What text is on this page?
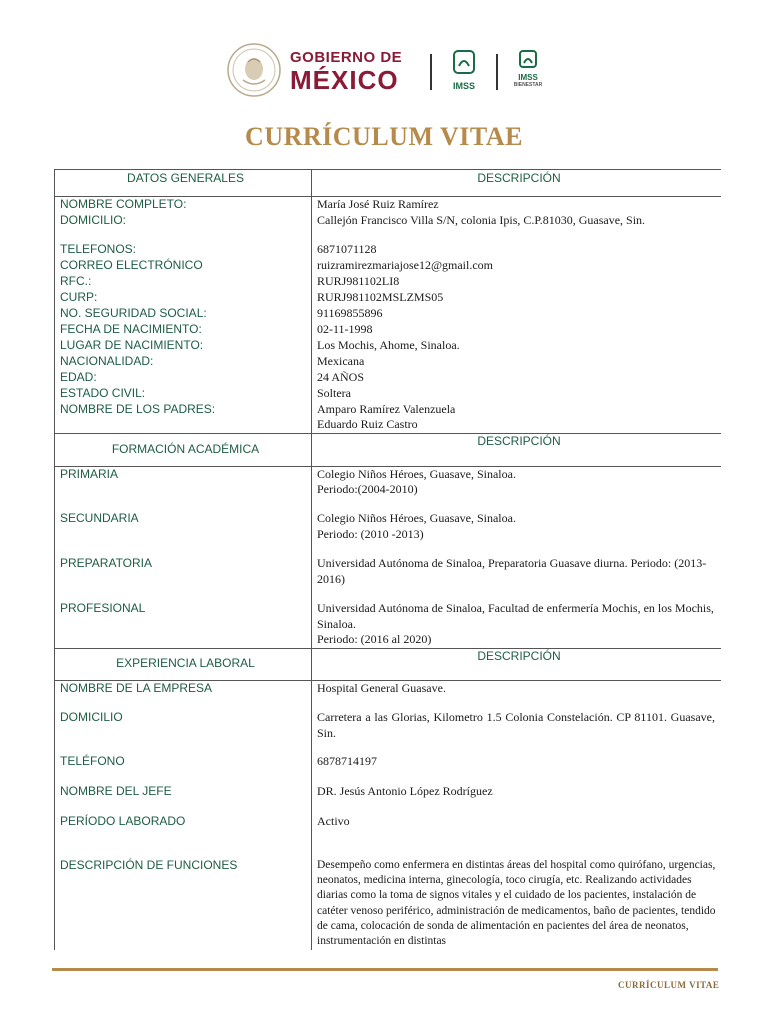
GOBIERNO DE
MÉXICO	IMSS
IMSS
BIENESTAR
CURRÍCULUM VITAE
DATOS GENERALES	DESCRIPCIÓN
NOMBRE COMPLETO:	María José Ruiz Ramírez
DOMICILIO:	Callejón Francisco Villa S/N, colonia Ipis, C.P.81030, Guasave, Sin.
TELEFONOS:	6871071128
CORREO ELECTRÓNICO	ruizramirezmariajose12@gmail.com
RFC.:	RURJ981102LI8
CURP:	RURJ981102MSLZMS05
NO. SEGURIDAD SOCIAL:	91169855896
FECHA DE NACIMIENTO:	02-11-1998
LUGAR DE NACIMIENTO:	Los Mochis, Ahome, Sinaloa.
NACIONALIDAD:	Mexicana
EDAD:	24 AÑOS
ESTADO CIVIL:	Soltera
NOMBRE DE LOS PADRES:	Amparo Ramírez Valenzuela
Eduardo Ruiz Castro

FORMACIÓN ACADÉMICA	DESCRIPCIÓN
PRIMARIA	Colegio Niños Héroes, Guasave, Sinaloa.
Periodo:(2004-2010)

SECUNDARIA	Colegio Niños Héroes, Guasave, Sinaloa.
Periodo: (2010 -2013)

PREPARATORIA	Universidad Autónoma de Sinaloa, Preparatoria Guasave diurna. Periodo: (2013-2016)

PROFESIONAL	Universidad Autónoma de Sinaloa, Facultad de enfermería Mochis, en los Mochis, Sinaloa.
Periodo: (2016 al 2020)

EXPERIENCIA LABORAL	DESCRIPCIÓN
NOMBRE DE LA EMPRESA	Hospital General Guasave.
DOMICILIO	Carretera a las Glorias, Kilometro 1.5 Colonia Constelación. CP 81101. Guasave, Sin.
TELÉFONO	6878714197
NOMBRE DEL JEFE	DR. Jesús Antonio López Rodríguez
PERÍODO LABORADO	Activo
DESCRIPCIÓN DE FUNCIONES	Desempeño como enfermera en distintas áreas del hospital como quirófano, urgencias, neonatos, medicina interna, ginecología, toco cirugía, etc. Realizando actividades diarias como la toma de signos vitales y el cuidado de los pacientes, instalación de catéter venoso periférico, administración de medicamentos, baño de pacientes, tendido de cama, colocación de sonda de alimentación en pacientes del área de neonatos, instrumentación en distintas
CURRÍCULUM VITAE
